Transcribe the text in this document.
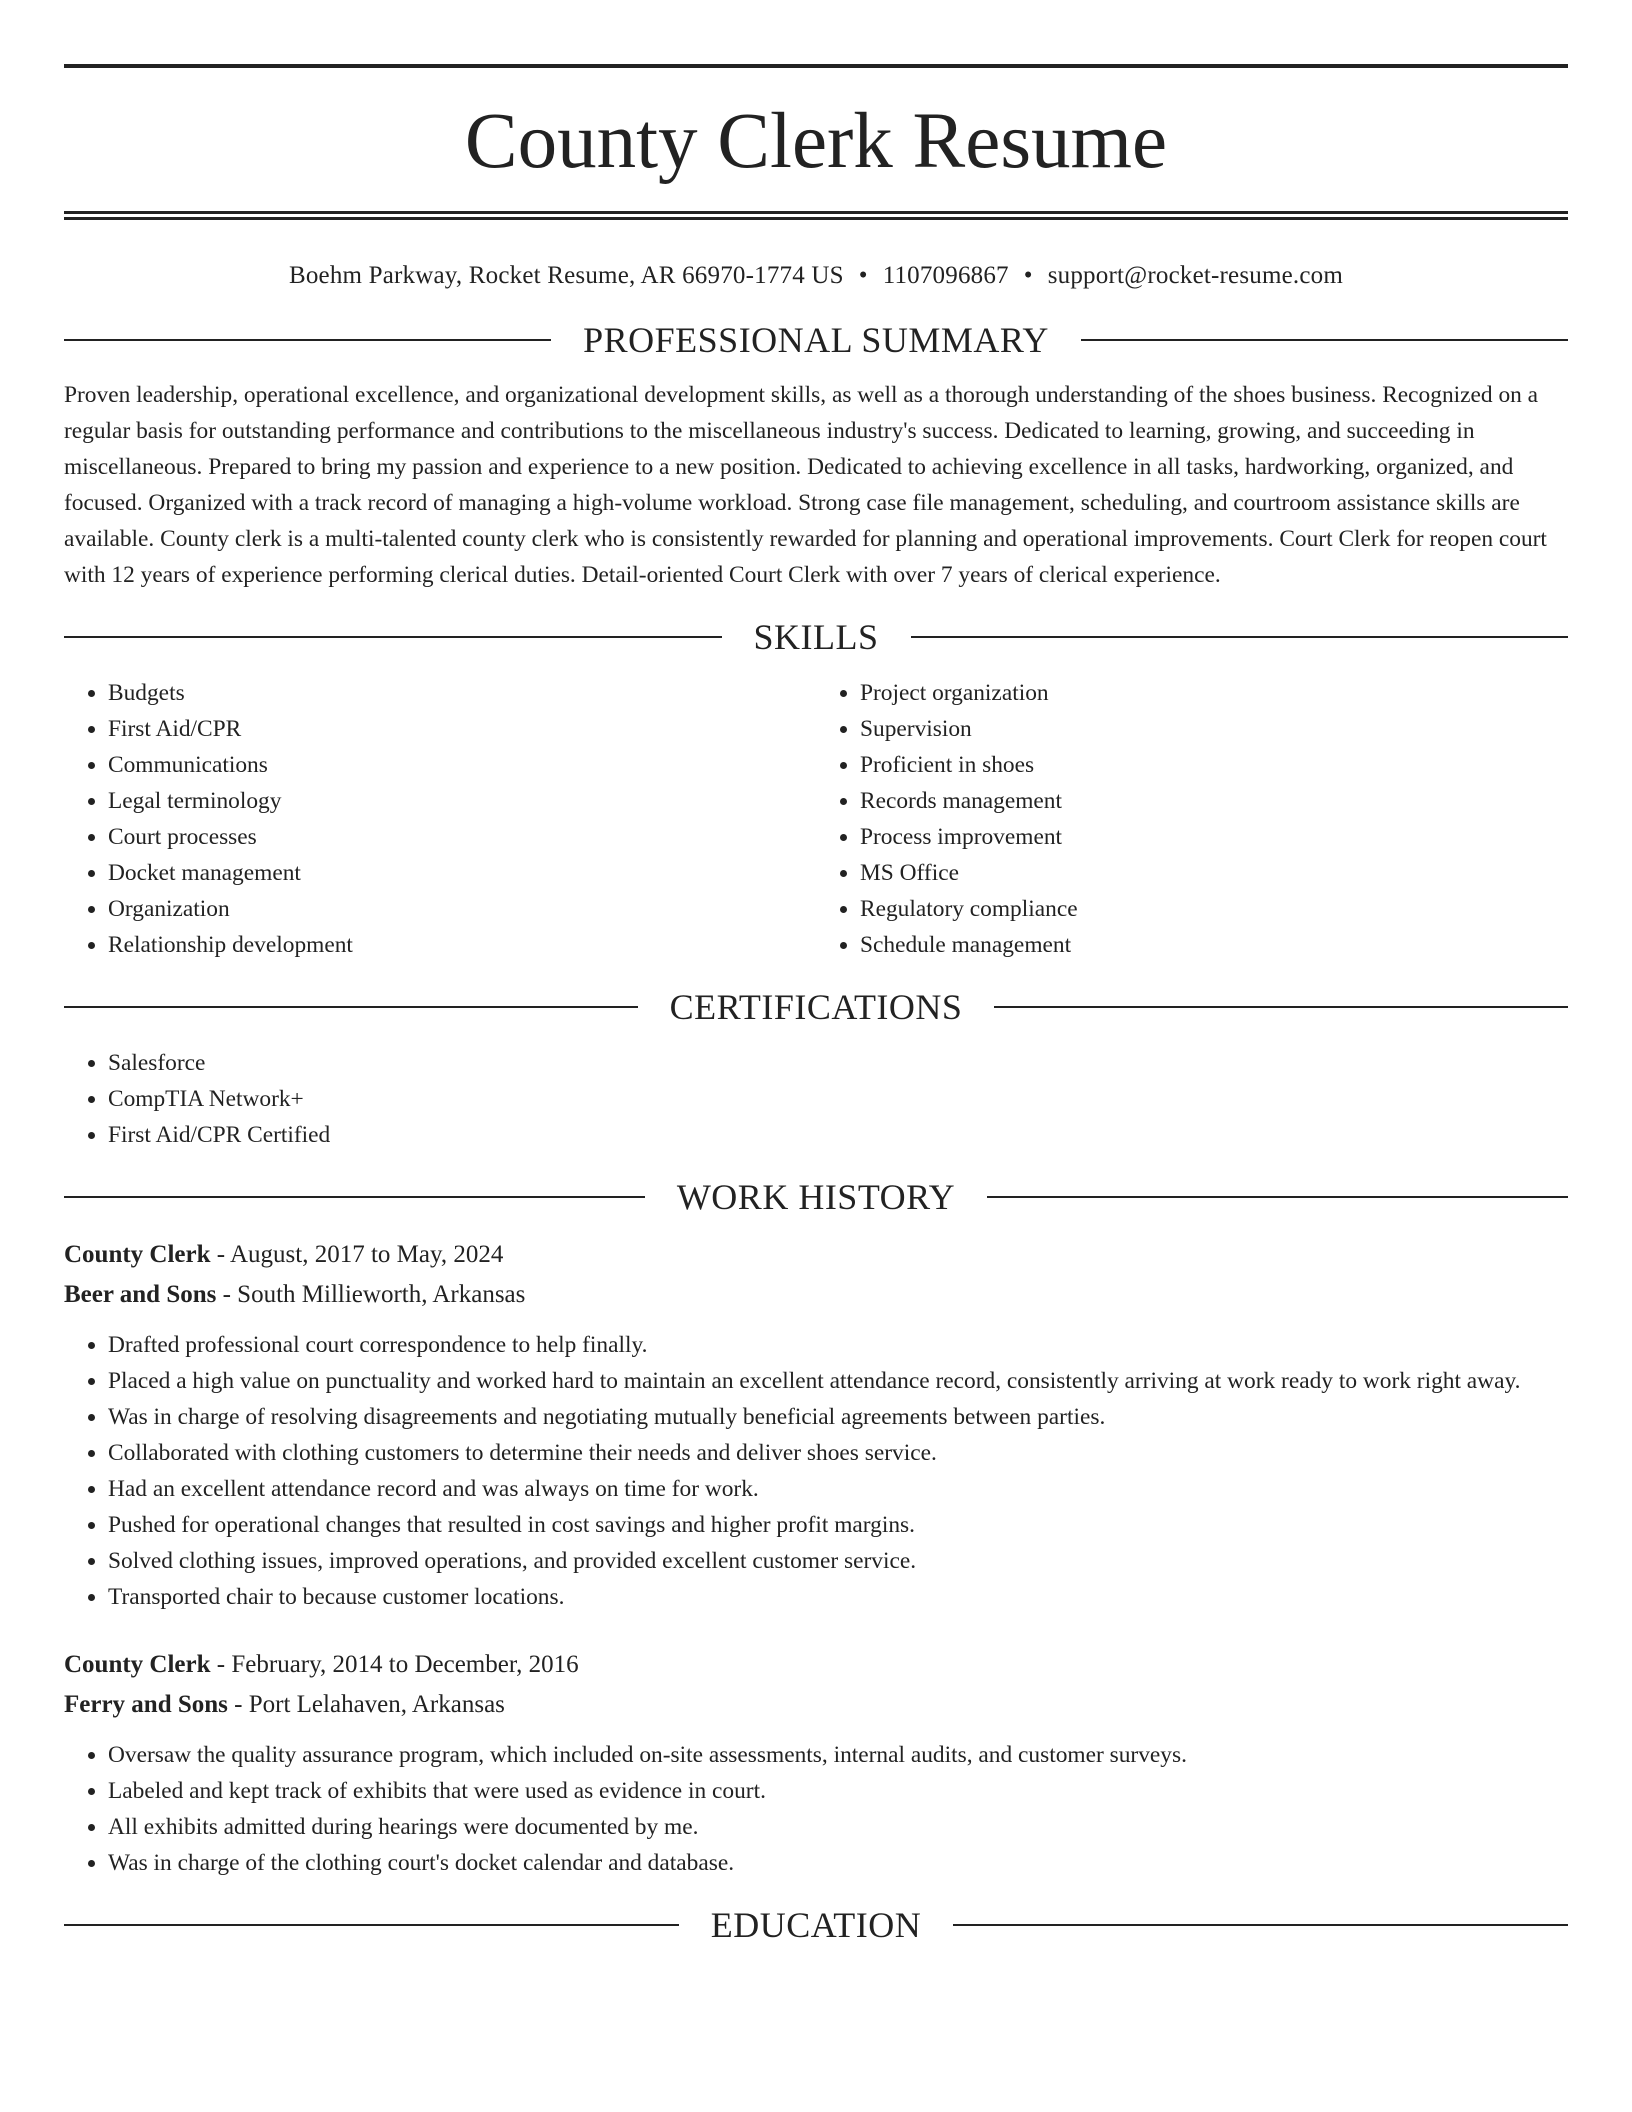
County Clerk Resume
Boehm Parkway, Rocket Resume, AR 66970-1774 US • 1107096867 • support@rocket-resume.com
PROFESSIONAL SUMMARY

Proven leadership, operational excellence, and organizational development skills, as well as a thorough understanding of the shoes business. Recognized on a regular basis for outstanding performance and contributions to the miscellaneous industry's success. Dedicated to learning, growing, and succeeding in miscellaneous. Prepared to bring my passion and experience to a new position. Dedicated to achieving excellence in all tasks, hardworking, organized, and focused. Organized with a track record of managing a high-volume workload. Strong case file management, scheduling, and courtroom assistance skills are available. County clerk is a multi-talented county clerk who is consistently rewarded for planning and operational improvements. Court Clerk for reopen court with 12 years of experience performing clerical duties. Detail-oriented Court Clerk with over 7 years of clerical experience.

SKILLS
• Budgets
• First Aid/CPR
• Communications
• Legal terminology
• Court processes
• Docket management
• Organization
• Relationship development
• Project organization
• Supervision
• Proficient in shoes
• Records management
• Process improvement
• MS Office
• Regulatory compliance
• Schedule management
CERTIFICATIONS
• Salesforce
• CompTIA Network+
• First Aid/CPR Certified
WORK HISTORY
County Clerk - August, 2017 to May, 2024
Beer and Sons - South Millieworth, Arkansas
• Drafted professional court correspondence to help finally.
• Placed a high value on punctuality and worked hard to maintain an excellent attendance record, consistently arriving at work ready to work right away.
• Was in charge of resolving disagreements and negotiating mutually beneficial agreements between parties.
• Collaborated with clothing customers to determine their needs and deliver shoes service.
• Had an excellent attendance record and was always on time for work.
• Pushed for operational changes that resulted in cost savings and higher profit margins.
• Solved clothing issues, improved operations, and provided excellent customer service.
• Transported chair to because customer locations.
County Clerk - February, 2014 to December, 2016
Ferry and Sons - Port Lelahaven, Arkansas
• Oversaw the quality assurance program, which included on-site assessments, internal audits, and customer surveys.
• Labeled and kept track of exhibits that were used as evidence in court.
• All exhibits admitted during hearings were documented by me.
• Was in charge of the clothing court's docket calendar and database.
EDUCATION
